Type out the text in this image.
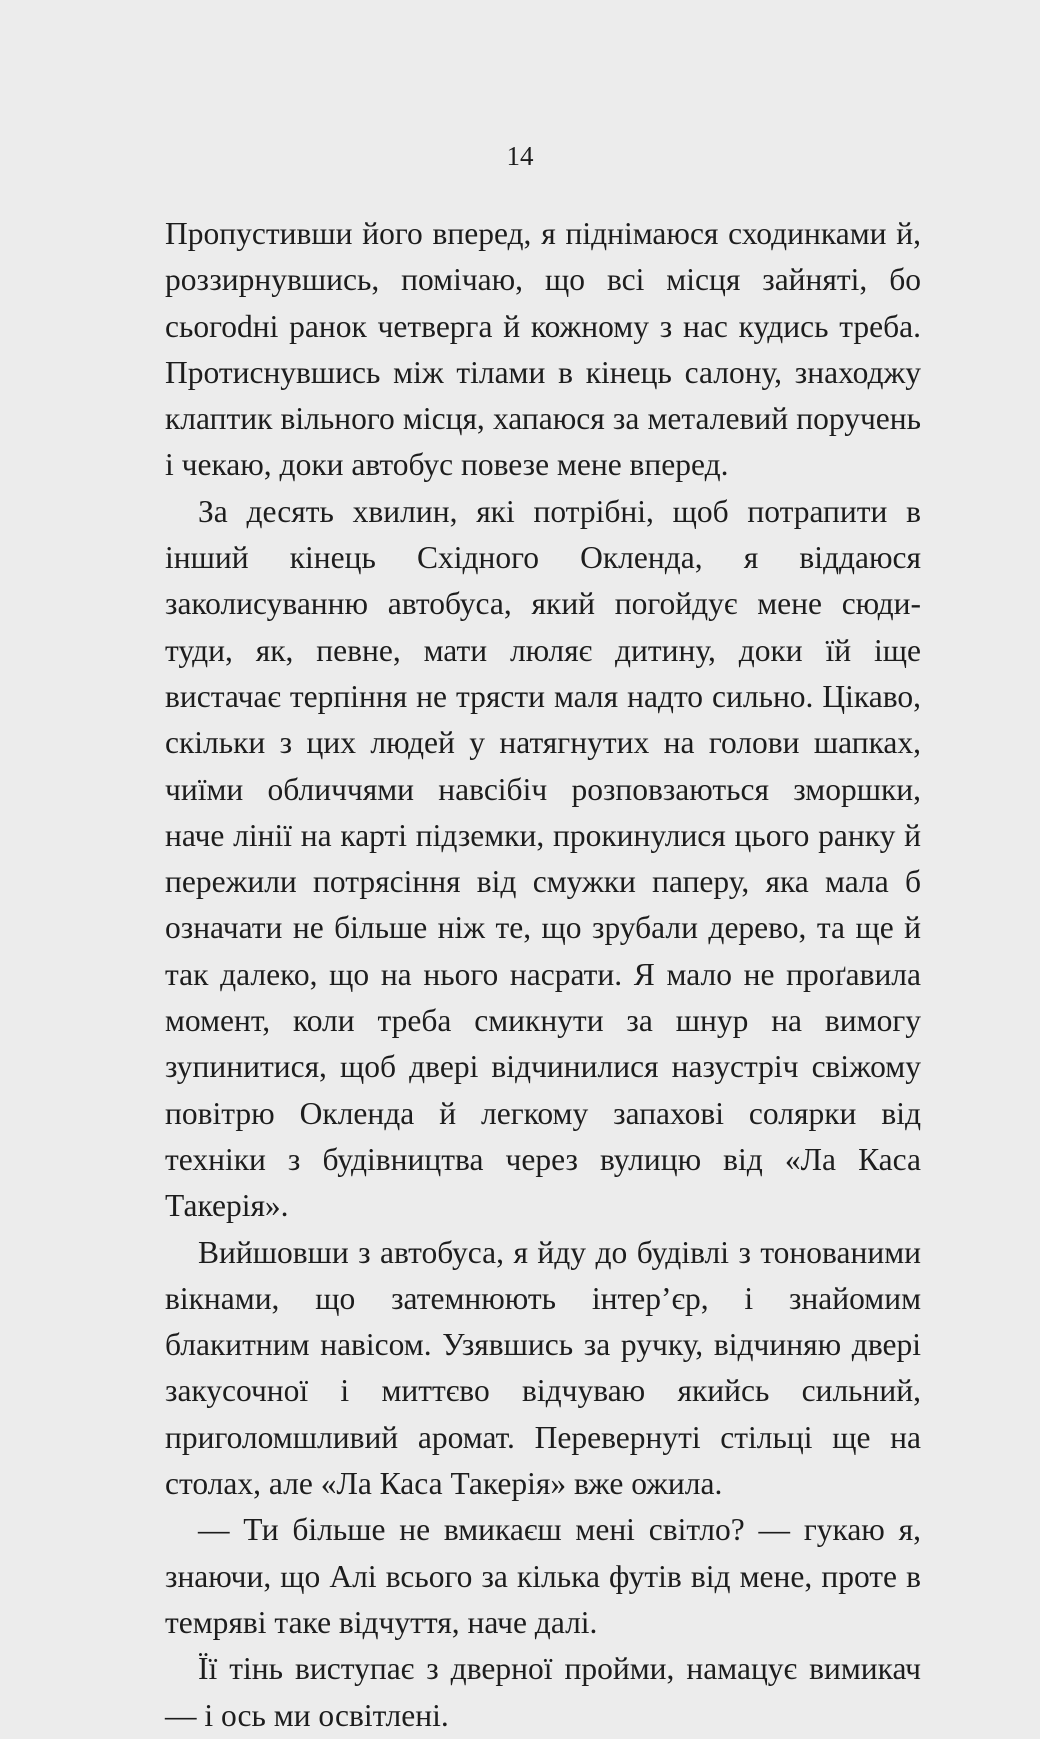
14

Пропустивши його вперед, я піднімаюся сходинками й, роззирнувшись, помічаю, що всі місця зайняті, бо сьогоdні ранок четверга й кожному з нас кудись треба. Протиснувшись між тілами в кінець салону, знаходжу клаптик вільного місця, хапаюся за металевий поручень і чекаю, доки автобус повезе мене вперед.

За десять хвилин, які потрібні, щоб потрапити в інший кінець Східного Окленда, я віддаюся заколисуванню автобуса, який погойдує мене сюди-туди, як, певне, мати люляє дитину, доки їй іще вистачає терпіння не трясти маля надто сильно. Цікаво, скільки з цих людей у натягнутих на голови шапках, чиїми обличчями навсібіч розповзаються зморшки, наче лінії на карті підземки, прокинулися цього ранку й пережили потрясіння від смужки паперу, яка мала б означати не більше ніж те, що зрубали дерево, та ще й так далеко, що на нього насрати. Я мало не проґавила момент, коли треба смикнути за шнур на вимогу зупинитися, щоб двері відчинилися назустріч свіжому повітрю Окленда й легкому запахові солярки від техніки з будівництва через вулицю від «Ла Каса Такерія».

Вийшовши з автобуса, я йду до будівлі з тонованими вікнами, що затемнюють інтер’єр, і знайомим блакитним навісом. Узявшись за ручку, відчиняю двері закусочної і миттєво відчуваю якийсь сильний, приголомшливий аромат. Перевернуті стільці ще на столах, але «Ла Каса Такерія» вже ожила.

— Ти більше не вмикаєш мені світло? — гукаю я, знаючи, що Алі всього за кілька футів від мене, проте в темряві таке відчуття, наче далі.

Її тінь виступає з дверної пройми, намацує вимикач — і ось ми освітлені.
